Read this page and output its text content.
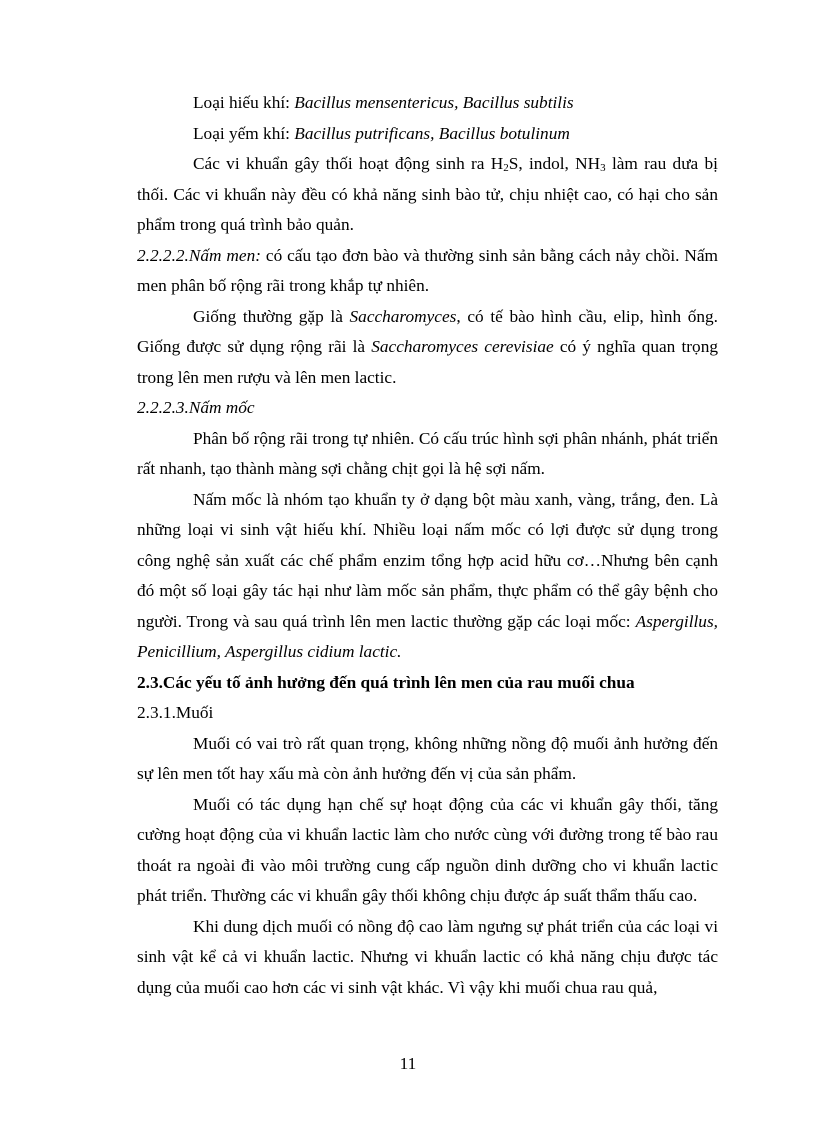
Loại hiếu khí: Bacillus mensentericus, Bacillus subtilis

Loại yếm khí: Bacillus putrificans, Bacillus botulinum

Các vi khuẩn gây thối hoạt động sinh ra $H_2S$, indol, $NH_3$ làm rau dưa bị thối. Các vi khuẩn này đều có khả năng sinh bào tử, chịu nhiệt cao, có hại cho sản phẩm trong quá trình bảo quản.

2.2.2.2.Nấm men: có cấu tạo đơn bào và thường sinh sản bằng cách nảy chồi. Nấm men phân bố rộng rãi trong khắp tự nhiên.

Giống thường gặp là Saccharomyces, có tế bào hình cầu, elip, hình ống. Giống được sử dụng rộng rãi là Saccharomyces cerevisiae có ý nghĩa quan trọng trong lên men rượu và lên men lactic.

2.2.2.3.Nấm mốc

Phân bố rộng rãi trong tự nhiên. Có cấu trúc hình sợi phân nhánh, phát triển rất nhanh, tạo thành màng sợi chằng chịt gọi là hệ sợi nấm.

Nấm mốc là nhóm tạo khuẩn ty ở dạng bột màu xanh, vàng, trắng, đen. Là những loại vi sinh vật hiếu khí. Nhiều loại nấm mốc có lợi được sử dụng trong công nghệ sản xuất các chế phẩm enzim tổng hợp acid hữu cơ…Nhưng bên cạnh đó một số loại gây tác hại như làm mốc sản phẩm, thực phẩm có thể gây bệnh cho người. Trong và sau quá trình lên men lactic thường gặp các loại mốc: Aspergillus, Penicillium, Aspergillus cidium lactic.

2.3.Các yếu tố ảnh hưởng đến quá trình lên men của rau muối chua

2.3.1.Muối

Muối có vai trò rất quan trọng, không những nồng độ muối ảnh hưởng đến sự lên men tốt hay xấu mà còn ảnh hưởng đến vị của sản phẩm.

Muối có tác dụng hạn chế sự hoạt động của các vi khuẩn gây thối, tăng cường hoạt động của vi khuẩn lactic làm cho nước cùng với đường trong tế bào rau thoát ra ngoài đi vào môi trường cung cấp nguồn dinh dưỡng cho vi khuẩn lactic phát triển. Thường các vi khuẩn gây thối không chịu được áp suất thẩm thấu cao.

Khi dung dịch muối có nồng độ cao làm ngưng sự phát triển của các loại vi sinh vật kể cả vi khuẩn lactic. Nhưng vi khuẩn lactic có khả năng chịu được tác dụng của muối cao hơn các vi sinh vật khác. Vì vậy khi muối chua rau quả,

11
